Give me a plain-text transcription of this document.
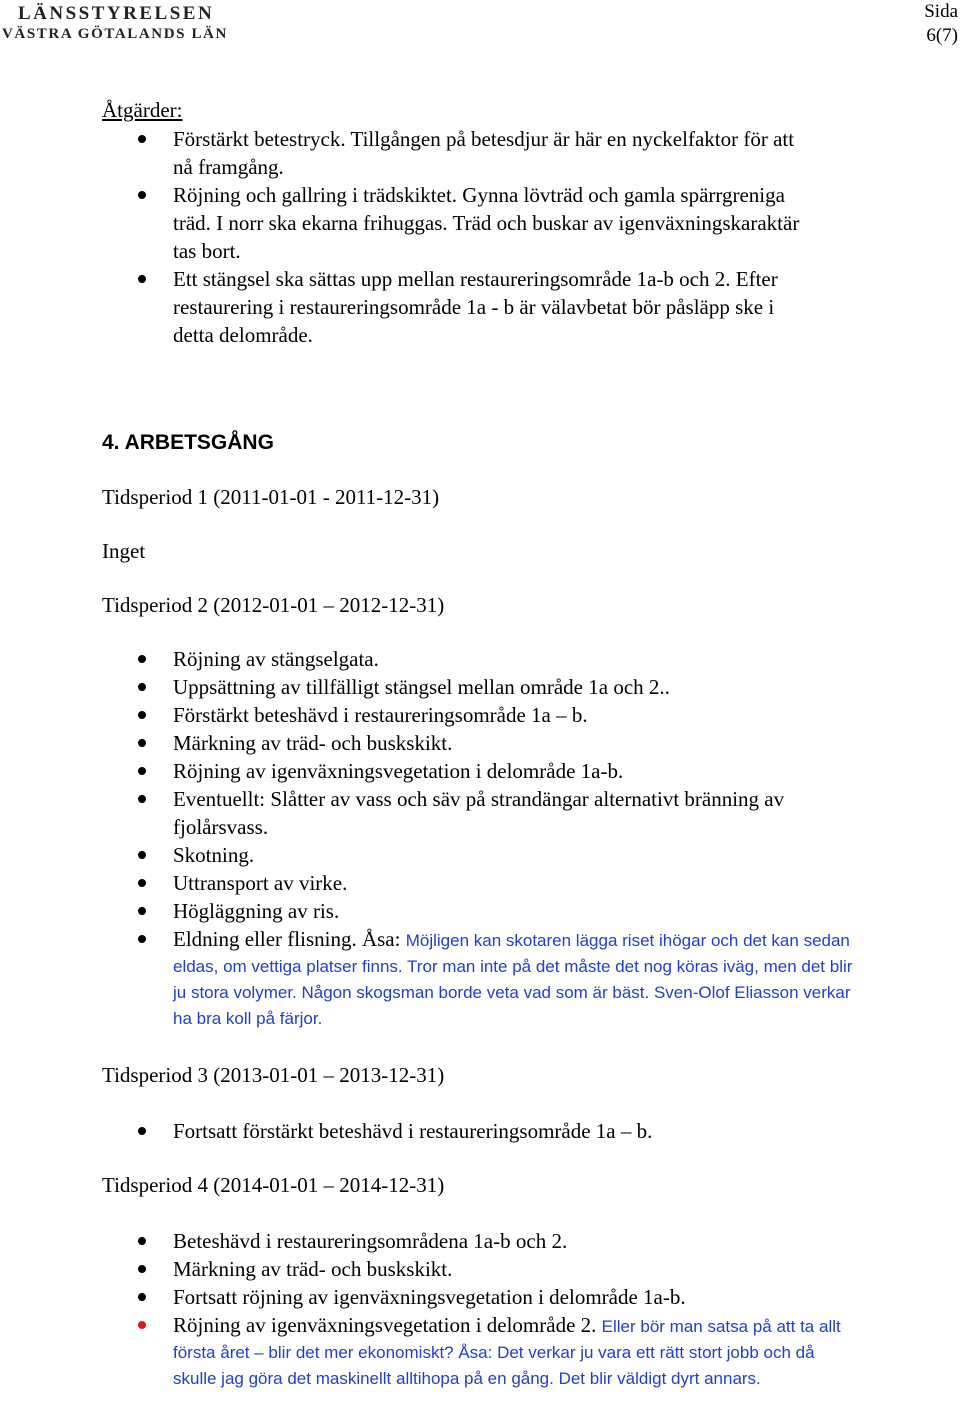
LÄNSSTYRELSEN
VÄSTRA GÖTALANDS LÄN
Sida
6(7)

Åtgärder:

Förstärkt betestryck. Tillgången på betesdjur är här en nyckelfaktor för att nå framgång.
Röjning och gallring i trädskiktet. Gynna lövträd och gamla spärrgreniga träd. I norr ska ekarna frihuggas. Träd och buskar av igenväxningskaraktär tas bort.
Ett stängsel ska sättas upp mellan restaureringsområde 1a-b och 2. Efter restaurering i restaureringsområde 1a - b är välavbetat bör påsläpp ske i detta delområde.

4. ARBETSGÅNG

Tidsperiod 1 (2011-01-01 - 2011-12-31)

Inget

Tidsperiod 2 (2012-01-01 – 2012-12-31)

Röjning av stängselgata.
Uppsättning av tillfälligt stängsel mellan område 1a och 2..
Förstärkt beteshävd i restaureringsområde 1a – b.
Märkning av träd- och buskskikt.
Röjning av igenväxningsvegetation i delområde 1a-b.
Eventuellt: Slåtter av vass och säv på strandängar alternativt bränning av fjolårsvass.
Skotning.
Uttransport av virke.
Högläggning av ris.
Eldning eller flisning. Åsa: Möjligen kan skotaren lägga riset ihögar och det kan sedan eldas, om vettiga platser finns. Tror man inte på det måste det nog köras iväg, men det blir ju stora volymer. Någon skogsman borde veta vad som är bäst. Sven-Olof Eliasson verkar ha bra koll på färjor.

Tidsperiod 3 (2013-01-01 – 2013-12-31)

Fortsatt förstärkt beteshävd i restaureringsområde 1a – b.

Tidsperiod 4 (2014-01-01 – 2014-12-31)

Beteshävd i restaureringsområdena 1a-b och 2.
Märkning av träd- och buskskikt.
Fortsatt röjning av igenväxningsvegetation i delområde 1a-b.
Röjning av igenväxningsvegetation i delområde 2. Eller bör man satsa på att ta allt första året – blir det mer ekonomiskt? Åsa: Det verkar ju vara ett rätt stort jobb och då skulle jag göra det maskinellt alltihopa på en gång. Det blir väldigt dyrt annars.
